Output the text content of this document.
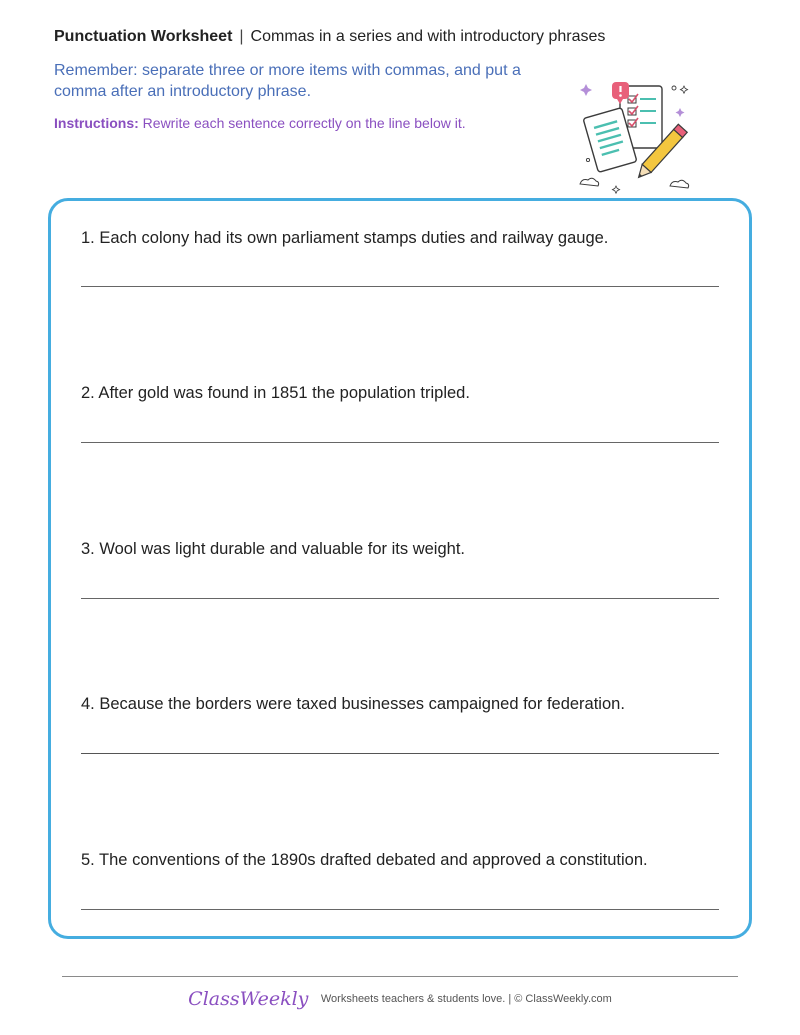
Punctuation Worksheet | Commas in a series and with introductory phrases
Remember: separate three or more items with commas, and put a comma after an introductory phrase.
Instructions: Rewrite each sentence correctly on the line below it.
1. Each colony had its own parliament stamps duties and railway gauge.
2. After gold was found in 1851 the population tripled.
3. Wool was light durable and valuable for its weight.
4. Because the borders were taxed businesses campaigned for federation.
5. The conventions of the 1890s drafted debated and approved a constitution.
ClassWeekly Worksheets teachers & students love. | © ClassWeekly.com
